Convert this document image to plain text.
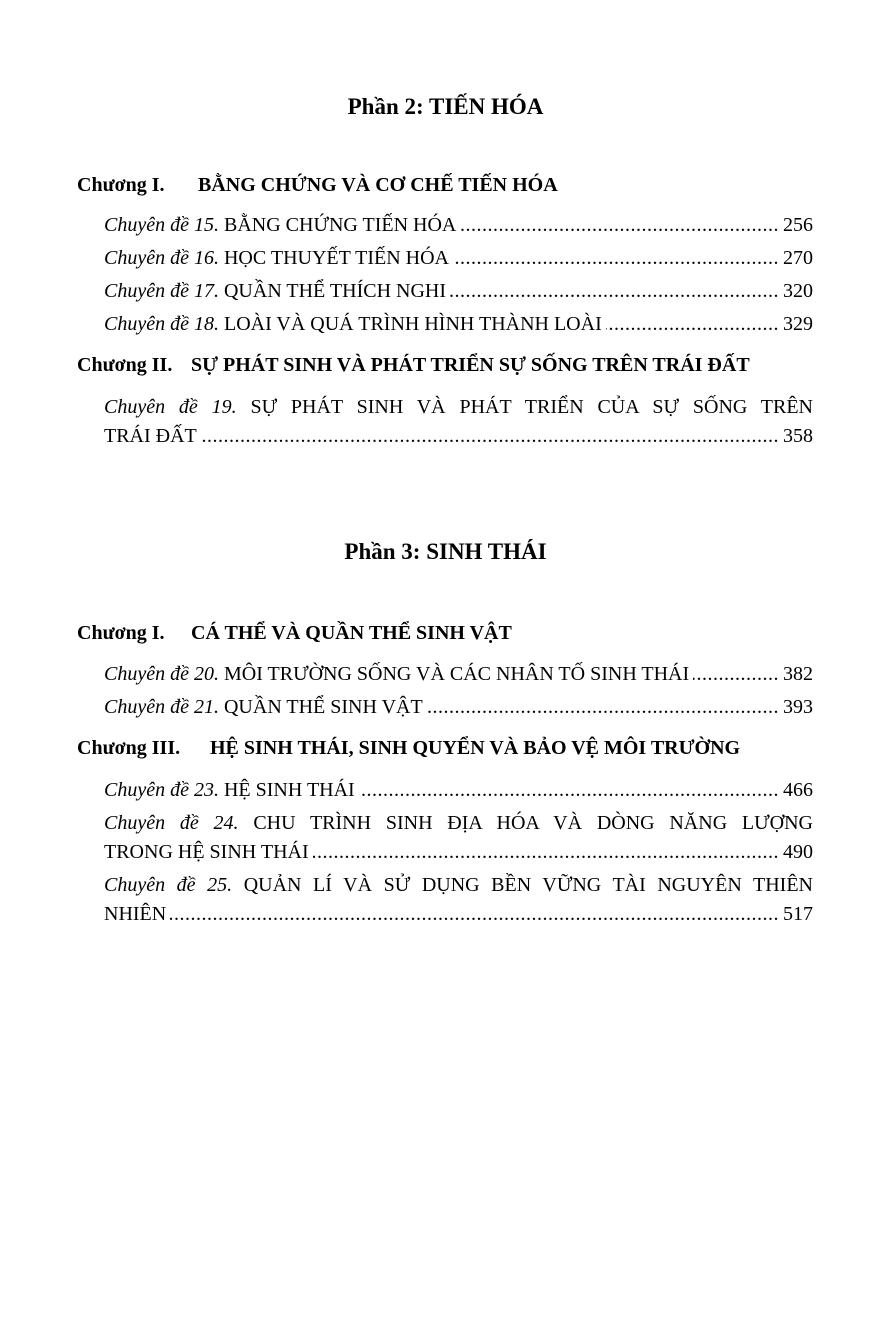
Phần 2: TIẾN HÓA
Chương I. BẰNG CHỨNG VÀ CƠ CHẾ TIẾN HÓA
Chuyên đề 15. BẰNG CHỨNG TIẾN HÓA .....	256
Chuyên đề 16. HỌC THUYẾT TIẾN HÓA .....	270
Chuyên đề 17. QUẦN THỂ THÍCH NGHI .....	320
Chuyên đề 18. LOÀI VÀ QUÁ TRÌNH HÌNH THÀNH LOÀI .....	329
Chương II. SỰ PHÁT SINH VÀ PHÁT TRIỂN SỰ SỐNG TRÊN TRÁI ĐẤT
Chuyên đề 19. SỰ PHÁT SINH VÀ PHÁT TRIỂN CỦA SỰ SỐNG TRÊN
TRÁI ĐẤT .....	358
Phần 3: SINH THÁI
Chương I. CÁ THỂ VÀ QUẦN THỂ SINH VẬT
Chuyên đề 20. MÔI TRƯỜNG SỐNG VÀ CÁC NHÂN TỐ SINH THÁI .....	382
Chuyên đề 21. QUẦN THỂ SINH VẬT .....	393
Chương III. HỆ SINH THÁI, SINH QUYỂN VÀ BẢO VỆ MÔI TRƯỜNG
Chuyên đề 23. HỆ SINH THÁI .....	466
Chuyên đề 24. CHU TRÌNH SINH ĐỊA HÓA VÀ DÒNG NĂNG LƯỢNG
TRONG HỆ SINH THÁI .....	490
Chuyên đề 25. QUẢN LÍ VÀ SỬ DỤNG BỀN VỮNG TÀI NGUYÊN THIÊN
NHIÊN .....	517
